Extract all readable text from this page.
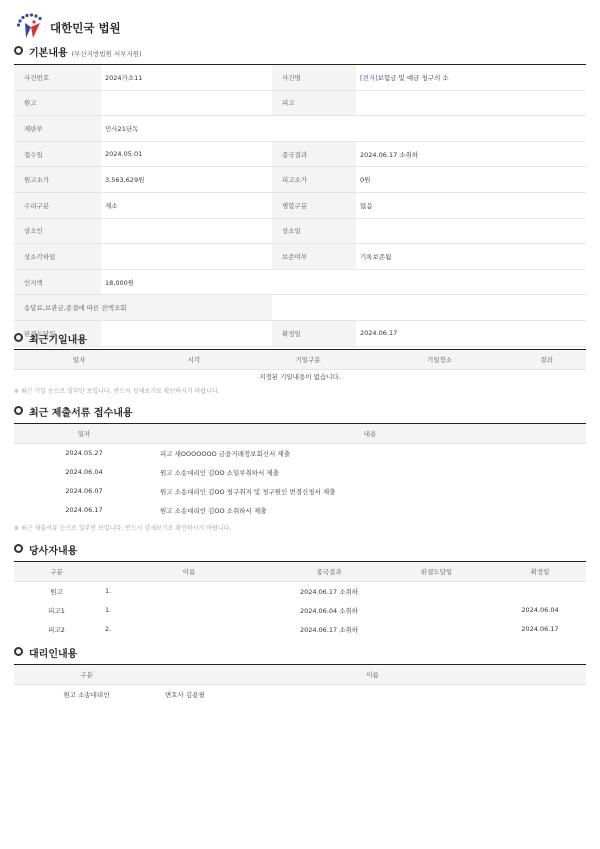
대한민국 법원
기본내용 (부산지방법원 서부지원)
사건번호	2024가소11	사건명	[전자]보험금 및 예금 청구의 소
원고		피고	
재판부	민사21단독		
접수일	2024.05.01	종국결과	2024.06.17 소취하
원고소가	3,563,629원	피고소가	0원
수리구분	제소	병합구분	없음
상소인		상소일	
상소각하일		보존여부	기록보존됨
인지액	18,000원		
송달료,보관금,종결에 따른 잔액조회			
판결도달일		확정일	2024.06.17
최근기일내용
일자	시각	기일구분	기일장소	결과
지정된 기일내용이 없습니다.
※ 최근 기일 순으로 일부만 보입니다. 반드시 상세보기로 확인하시기 바랍니다.
최근 제출서류 접수내용
일자	내용
2024.05.27	피고 새OOOOOOO 금융거래정보회신서 제출
2024.06.04	원고 소송대리인 김OO 소일부취하서 제출
2024.06.07	원고 소송대리인 김OO 청구취지 및 청구원인 변경신청서 제출
2024.06.17	원고 소송대리인 김OO 소취하서 제출
※ 최근 제출서류 순으로 일부만 보입니다. 반드시 상세보기로 확인하시기 바랍니다.
당사자내용
구분	이름	종국결과	판결도달일	확정일
원고	1.	2024.06.17 소취하		
피고1	1.	2024.06.04 소취하		2024.06.04
피고2	2.	2024.06.17 소취하		2024.06.17
대리인내용
구분	이름
원고 소송대리인	변호사 김용필
